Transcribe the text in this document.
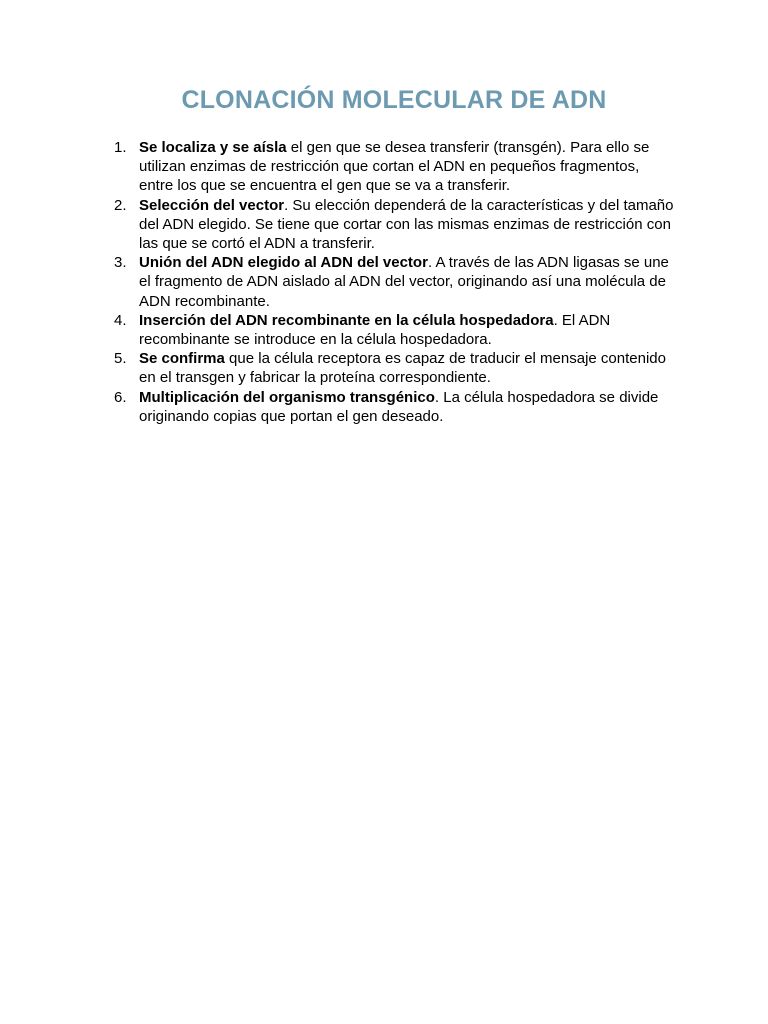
CLONACIÓN MOLECULAR DE ADN
1. Se localiza y se aísla el gen que se desea transferir (transgén). Para ello se utilizan enzimas de restricción que cortan el ADN en pequeños fragmentos, entre los que se encuentra el gen que se va a transferir.
2. Selección del vector. Su elección dependerá de la características y del tamaño del ADN elegido. Se tiene que cortar con las mismas enzimas de restricción con las que se cortó el ADN a transferir.
3. Unión del ADN elegido al ADN del vector. A través de las ADN ligasas se une el fragmento de ADN aislado al ADN del vector, originando así una molécula de ADN recombinante.
4. Inserción del ADN recombinante en la célula hospedadora. El ADN recombinante se introduce en la célula hospedadora.
5. Se confirma que la célula receptora es capaz de traducir el mensaje contenido en el transgen y fabricar la proteína correspondiente.
6. Multiplicación del organismo transgénico. La célula hospedadora se divide originando copias que portan el gen deseado.
